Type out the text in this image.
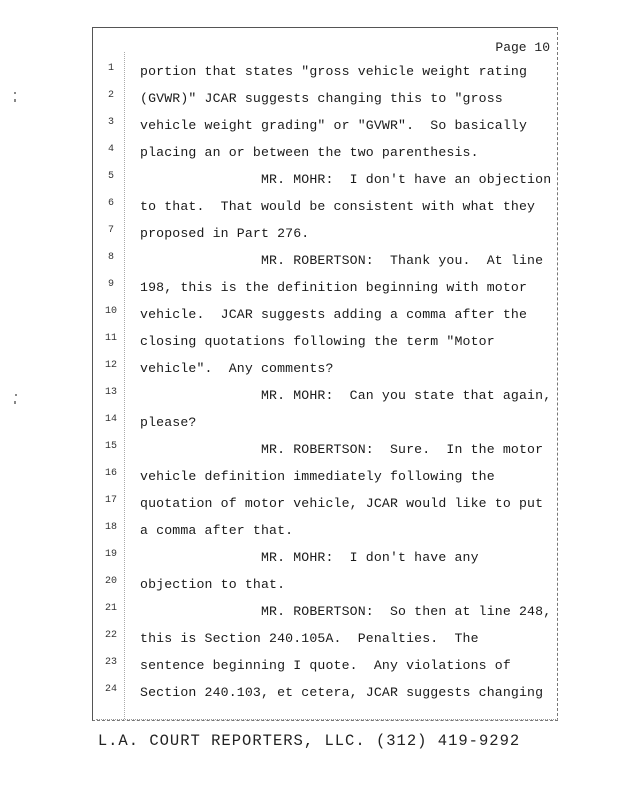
Page 10
1	portion that states "gross vehicle weight rating
2	(GVWR)" JCAR suggests changing this to "gross
3	vehicle weight grading" or "GVWR".  So basically
4	placing an or between the two parenthesis.
5	MR. MOHR:  I don't have an objection
6	to that.  That would be consistent with what they
7	proposed in Part 276.
8	MR. ROBERTSON:  Thank you.  At line
9	198, this is the definition beginning with motor
10	vehicle.  JCAR suggests adding a comma after the
11	closing quotations following the term "Motor
12	vehicle".  Any comments?
13	MR. MOHR:  Can you state that again,
14	please?
15	MR. ROBERTSON:  Sure.  In the motor
16	vehicle definition immediately following the
17	quotation of motor vehicle, JCAR would like to put
18	a comma after that.
19	MR. MOHR:  I don't have any
20	objection to that.
21	MR. ROBERTSON:  So then at line 248,
22	this is Section 240.105A.  Penalties.  The
23	sentence beginning I quote.  Any violations of
24	Section 240.103, et cetera, JCAR suggests changing
L.A. COURT REPORTERS, LLC. (312) 419-9292
